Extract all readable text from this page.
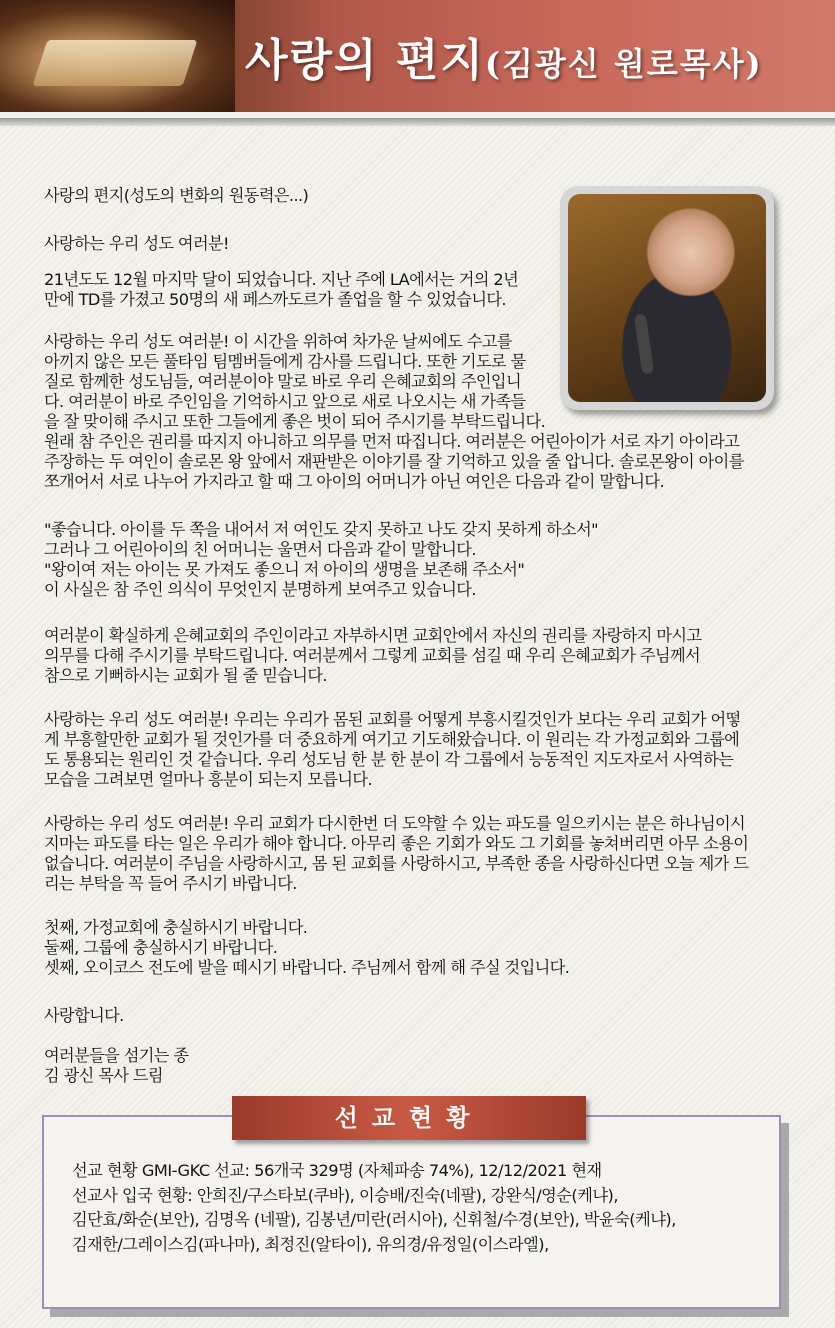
사랑의 편지(김광신 원로목사)
사랑의 편지(성도의 변화의 원동력은...)
사랑하는 우리 성도 여러분!
21년도도 12월 마지막 달이 되었습니다. 지난 주에 LA에서는 거의 2년
만에 TD를 가졌고 50명의 새 페스까도르가 졸업을 할 수 있었습니다.
사랑하는 우리 성도 여러분! 이 시간을 위하여 차가운 날씨에도 수고를
아끼지 않은 모든 풀타임 팀멤버들에게 감사를 드립니다. 또한 기도로 물
질로 함께한 성도님들, 여러분이야 말로 바로 우리 은혜교회의 주인입니
다. 여러분이 바로 주인임을 기억하시고 앞으로 새로 나오시는 새 가족들
을 잘 맞이해 주시고 또한 그들에게 좋은 벗이 되어 주시기를 부탁드립니다.
원래 참 주인은 권리를 따지지 아니하고 의무를 먼저 따집니다. 여러분은 어린아이가 서로 자기 아이라고
주장하는 두 여인이 솔로몬 왕 앞에서 재판받은 이야기를 잘 기억하고 있을 줄 압니다. 솔로몬왕이 아이를
쪼개어서 서로 나누어 가지라고 할 때 그 아이의 어머니가 아닌 여인은 다음과 같이 말합니다.
"좋습니다. 아이를 두 쪽을 내어서 저 여인도 갖지 못하고 나도 갖지 못하게 하소서"
그러나 그 어린아이의 친 어머니는 울면서 다음과 같이 말합니다.
"왕이여 저는 아이는 못 가져도 좋으니 저 아이의 생명을 보존해 주소서"
이 사실은 참 주인 의식이 무엇인지 분명하게 보여주고 있습니다.
여러분이 확실하게 은혜교회의 주인이라고 자부하시면 교회안에서 자신의 권리를 자랑하지 마시고
의무를 다해 주시기를 부탁드립니다. 여러분께서 그렇게 교회를 섬길 때 우리 은혜교회가 주님께서
참으로 기뻐하시는 교회가 될 줄 믿습니다.
사랑하는 우리 성도 여러분! 우리는 우리가 몸된 교회를 어떻게 부흥시킬것인가 보다는 우리 교회가 어떻
게 부흥할만한 교회가 될 것인가를 더 중요하게 여기고 기도해왔습니다. 이 원리는 각 가정교회와 그룹에
도 통용되는 원리인 것 같습니다. 우리 성도님 한 분 한 분이 각 그룹에서 능동적인 지도자로서 사역하는
모습을 그려보면 얼마나 흥분이 되는지 모릅니다.
사랑하는 우리 성도 여러분! 우리 교회가 다시한번 더 도약할 수 있는 파도를 일으키시는 분은 하나님이시
지마는 파도를 타는 일은 우리가 해야 합니다. 아무리 좋은 기회가 와도 그 기회를 놓쳐버리면 아무 소용이
없습니다. 여러분이 주님을 사랑하시고, 몸 된 교회를 사랑하시고, 부족한 종을 사랑하신다면 오늘 제가 드
리는 부탁을 꼭 들어 주시기 바랍니다.
첫째, 가정교회에 충실하시기 바랍니다.
둘째, 그룹에 충실하시기 바랍니다.
셋째, 오이코스 전도에 발을 떼시기 바랍니다. 주님께서 함께 해 주실 것입니다.
사랑합니다.
여러분들을 섬기는 종
김 광신 목사 드림
선교현황
선교 현황 GMI-GKC 선교: 56개국 329명 (자체파송 74%), 12/12/2021 현재
선교사 입국 현황: 안희진/구스타보(쿠바), 이승배/진숙(네팔), 강완식/영순(케냐),
김단효/화순(보안), 김명옥 (네팔), 김봉년/미란(러시아), 신휘철/수경(보안), 박윤숙(케냐),
김재한/그레이스김(파나마), 최정진(알타이), 유의경/유정일(이스라엘),
